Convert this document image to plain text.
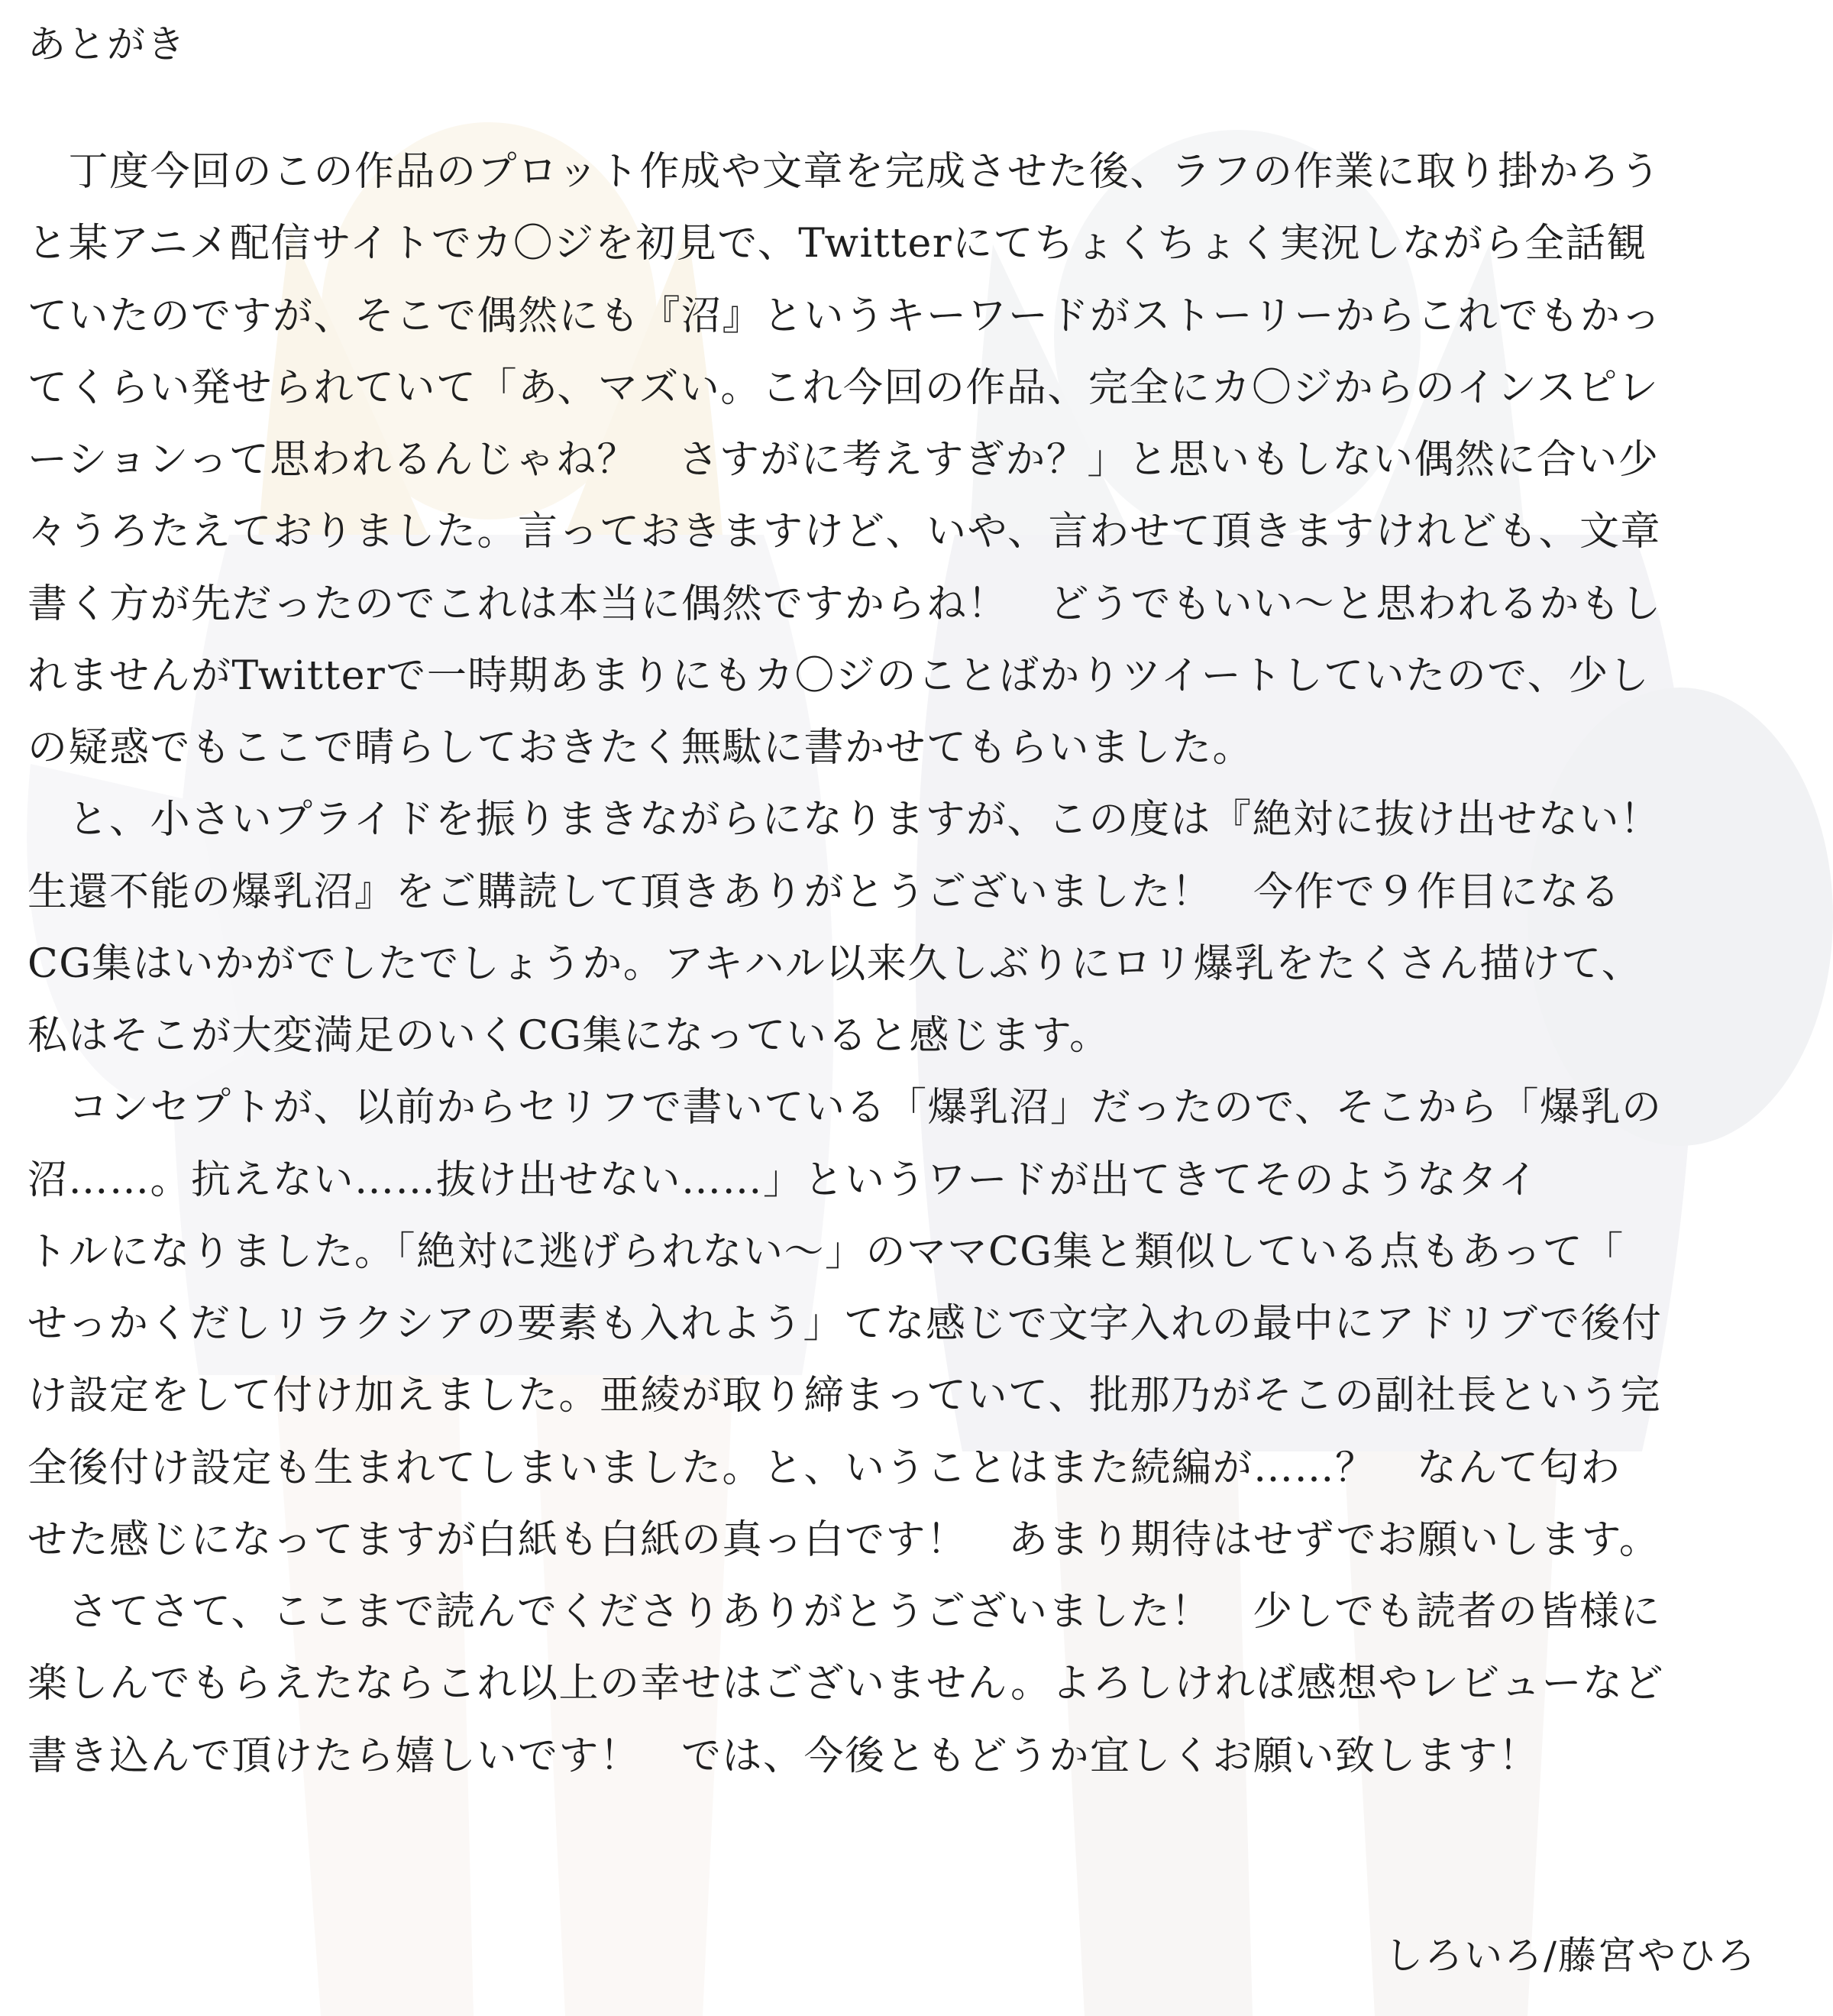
あとがき
　丁度今回のこの作品のプロット作成や文章を完成させた後、ラフの作業に取り掛かろう
と某アニメ配信サイトでカ〇ジを初見で、Twitterにてちょくちょく実況しながら全話観
ていたのですが、そこで偶然にも『沼』というキーワードがストーリーからこれでもかっ
てくらい発せられていて「あ、マズい。これ今回の作品、完全にカ〇ジからのインスピレ
ーションって思われるんじゃね？　さすがに考えすぎか？」と思いもしない偶然に合い少
々うろたえておりました。言っておきますけど、いや、言わせて頂きますけれども、文章
書く方が先だったのでこれは本当に偶然ですからね！　どうでもいい～と思われるかもし
れませんがTwitterで一時期あまりにもカ〇ジのことばかりツイートしていたので、少し
の疑惑でもここで晴らしておきたく無駄に書かせてもらいました。
　と、小さいプライドを振りまきながらになりますが、この度は『絶対に抜け出せない！
生還不能の爆乳沼』をご購読して頂きありがとうございました！　今作で９作目になる
CG集はいかがでしたでしょうか。アキハル以来久しぶりにロリ爆乳をたくさん描けて、
私はそこが大変満足のいくCG集になっていると感じます。
　コンセプトが、以前からセリフで書いている「爆乳沼」だったので、そこから「爆乳の
沼……。抗えない……抜け出せない……」というワードが出てきてそのようなタイ
トルになりました。「絶対に逃げられない～」のママCG集と類似している点もあって「
せっかくだしリラクシアの要素も入れよう」てな感じで文字入れの最中にアドリブで後付
け設定をして付け加えました。亜綾が取り締まっていて、批那乃がそこの副社長という完
全後付け設定も生まれてしまいました。と、いうことはまた続編が……？　なんて匂わ
せた感じになってますが白紙も白紙の真っ白です！　あまり期待はせずでお願いします。
　さてさて、ここまで読んでくださりありがとうございました！　少しでも読者の皆様に
楽しんでもらえたならこれ以上の幸せはございません。よろしければ感想やレビューなど
書き込んで頂けたら嬉しいです！　では、今後ともどうか宜しくお願い致します！
しろいろ/藤宮やひろ
